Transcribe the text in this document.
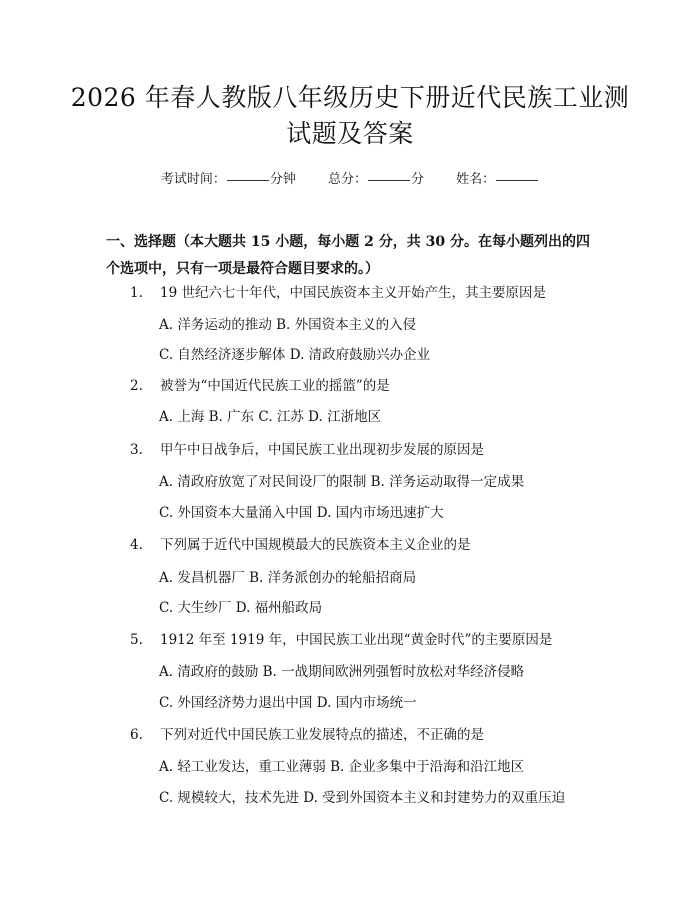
2026 年春人教版八年级历史下册近代民族工业测试题及答案
考试时间：	分钟 总分：	分 姓名：
一、选择题（本大题共 15 小题，每小题 2 分，共 30 分。在每小题列出的四个选项中，只有一项是最符合题目要求的。）
1. 19 世纪六七十年代，中国民族资本主义开始产生，其主要原因是
A. 洋务运动的推动 B. 外国资本主义的入侵
C. 自然经济逐步解体 D. 清政府鼓励兴办企业
2. 被誉为“中国近代民族工业的摇篮”的是
A. 上海 B. 广东 C. 江苏 D. 江浙地区
3. 甲午中日战争后，中国民族工业出现初步发展的原因是
A. 清政府放宽了对民间设厂的限制 B. 洋务运动取得一定成果
C. 外国资本大量涌入中国 D. 国内市场迅速扩大
4. 下列属于近代中国规模最大的民族资本主义企业的是
A. 发昌机器厂 B. 洋务派创办的轮船招商局
C. 大生纱厂 D. 福州船政局
5. 1912 年至 1919 年，中国民族工业出现“黄金时代”的主要原因是
A. 清政府的鼓励 B. 一战期间欧洲列强暂时放松对华经济侵略
C. 外国经济势力退出中国 D. 国内市场统一
6. 下列对近代中国民族工业发展特点的描述，不正确的是
A. 轻工业发达，重工业薄弱 B. 企业多集中于沿海和沿江地区
C. 规模较大，技术先进 D. 受到外国资本主义和封建势力的双重压迫
